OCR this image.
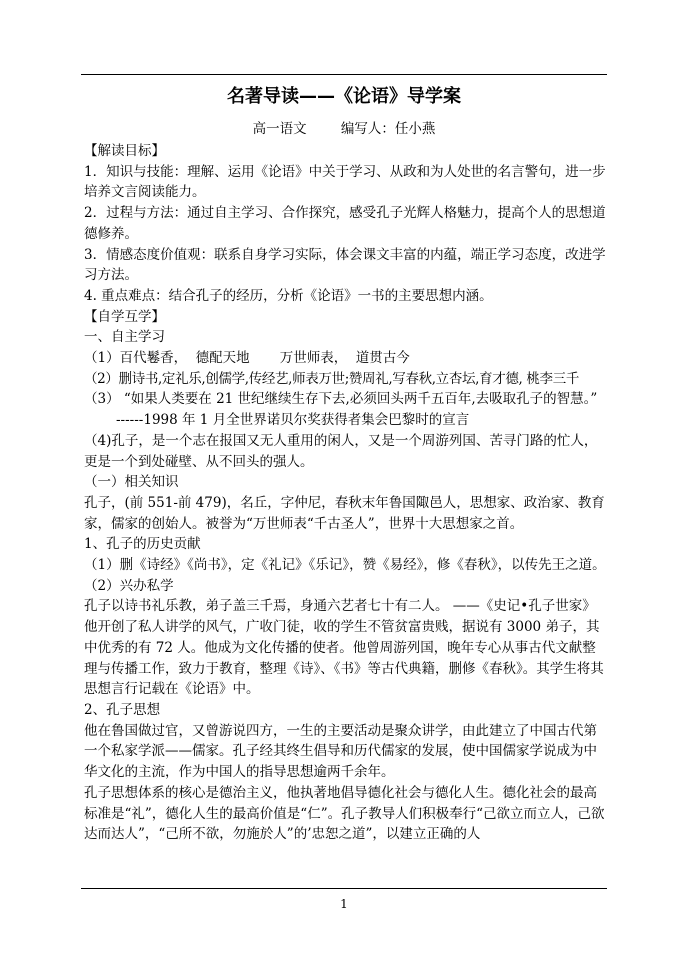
名著导读——《论语》导学案
高一语文        编写人：任小燕

【解读目标】

1．知识与技能：理解、运用《论语》中关于学习、从政和为人处世的名言警句，进一步培养文言阅读能力。

2．过程与方法：通过自主学习、合作探究，感受孔子光辉人格魅力，提高个人的思想道德修养。

3．情感态度价值观：联系自身学习实际，体会课文丰富的内蕴，端正学习态度，改进学习方法。

4. 重点难点：结合孔子的经历，分析《论语》一书的主要思想内涵。

【自学互学】

一、自主学习

（1）百代鬈香，  德配天地       万世师表，  道贯古今

（2）删诗书,定礼乐,创儒学,传经艺,师表万世;赞周礼,写春秋,立杏坛,育才德, 桃李三千

（3） “如果人类要在 21 世纪继续生存下去,必须回头两千五百年,去吸取孔子的智慧。”

------1998 年 1 月全世界诺贝尔奖获得者集会巴黎时的宣言

（4)孔子，是一个志在报国又无人重用的闲人，又是一个周游列国、苦寻门路的忙人，更是一个到处碰壁、从不回头的强人。

（一）相关知识

孔子，(前 551-前 479)，名丘，字仲尼，春秋末年鲁国陬邑人，思想家、政治家、教育家，儒家的创始人。被誉为“万世师表“千古圣人”，世界十大思想家之首。

1、孔子的历史贡献

（1）删《诗经》《尚书》，定《礼记》《乐记》，赞《易经》，修《春秋》，以传先王之道。

（2）兴办私学

孔子以诗书礼乐教，弟子盖三千焉，身通六艺者七十有二人。 ——《史记•孔子世家》他开创了私人讲学的风气，广收门徒，收的学生不管贫富贵贱，据说有 3000 弟子，其中优秀的有 72 人。他成为文化传播的使者。他曾周游列国，晚年专心从事古代文献整理与传播工作，致力于教育，整理《诗》、《书》等古代典籍，删修《春秋》。其学生将其思想言行记载在《论语》中。

2、孔子思想

他在鲁国做过官，又曾游说四方，一生的主要活动是聚众讲学，由此建立了中国古代第一个私家学派——儒家。孔子经其终生倡导和历代儒家的发展，使中国儒家学说成为中华文化的主流，作为中国人的指导思想逾两千余年。

孔子思想体系的核心是德治主义，他执著地倡导德化社会与德化人生。德化社会的最高标准是“礼”，德化人生的最高价值是“仁”。孔子教导人们积极奉行“己欲立而立人，己欲达而达人”，“己所不欲，勿施於人”的’忠恕之道”，以建立正确的人

1
